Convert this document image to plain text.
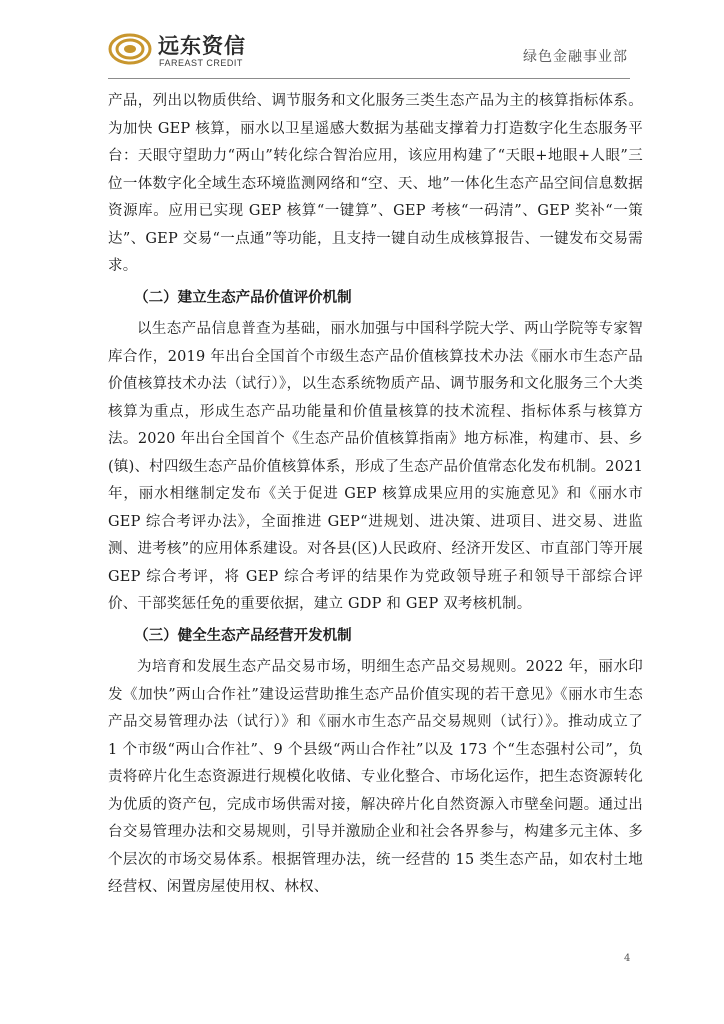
远东资信
FAREAST CREDIT	绿色金融事业部

产品，列出以物质供给、调节服务和文化服务三类生态产品为主的核算指标体系。为加快 GEP 核算，丽水以卫星遥感大数据为基础支撑着力打造数字化生态服务平台：天眼守望助力“两山”转化综合智治应用，该应用构建了“天眼+地眼+人眼”三位一体数字化全域生态环境监测网络和“空、天、地”一体化生态产品空间信息数据资源库。应用已实现 GEP 核算“一键算”、GEP 考核“一码清”、GEP 奖补“一策达”、GEP 交易“一点通”等功能，且支持一键自动生成核算报告、一键发布交易需求。

（二）建立生态产品价值评价机制

以生态产品信息普查为基础，丽水加强与中国科学院大学、两山学院等专家智库合作，2019 年出台全国首个市级生态产品价值核算技术办法《丽水市生态产品价值核算技术办法（试行）》，以生态系统物质产品、调节服务和文化服务三个大类核算为重点，形成生态产品功能量和价值量核算的技术流程、指标体系与核算方法。2020 年出台全国首个《生态产品价值核算指南》地方标准，构建市、县、乡(镇)、村四级生态产品价值核算体系，形成了生态产品价值常态化发布机制。2021 年，丽水相继制定发布《关于促进 GEP 核算成果应用的实施意见》和《丽水市 GEP 综合考评办法》，全面推进 GEP“进规划、进决策、进项目、进交易、进监测、进考核”的应用体系建设。对各县(区)人民政府、经济开发区、市直部门等开展 GEP 综合考评，将 GEP 综合考评的结果作为党政领导班子和领导干部综合评价、干部奖惩任免的重要依据，建立 GDP 和 GEP 双考核机制。

（三）健全生态产品经营开发机制

为培育和发展生态产品交易市场，明细生态产品交易规则。2022 年，丽水印发《加快”两山合作社”建设运营助推生态产品价值实现的若干意见》《丽水市生态产品交易管理办法（试行）》和《丽水市生态产品交易规则（试行）》。推动成立了 1 个市级“两山合作社”、9 个县级“两山合作社”以及 173 个“生态强村公司”，负责将碎片化生态资源进行规模化收储、专业化整合、市场化运作，把生态资源转化为优质的资产包，完成市场供需对接，解决碎片化自然资源入市壁垒问题。通过出台交易管理办法和交易规则，引导并激励企业和社会各界参与，构建多元主体、多个层次的市场交易体系。根据管理办法，统一经营的 15 类生态产品，如农村土地经营权、闲置房屋使用权、林权、

4
